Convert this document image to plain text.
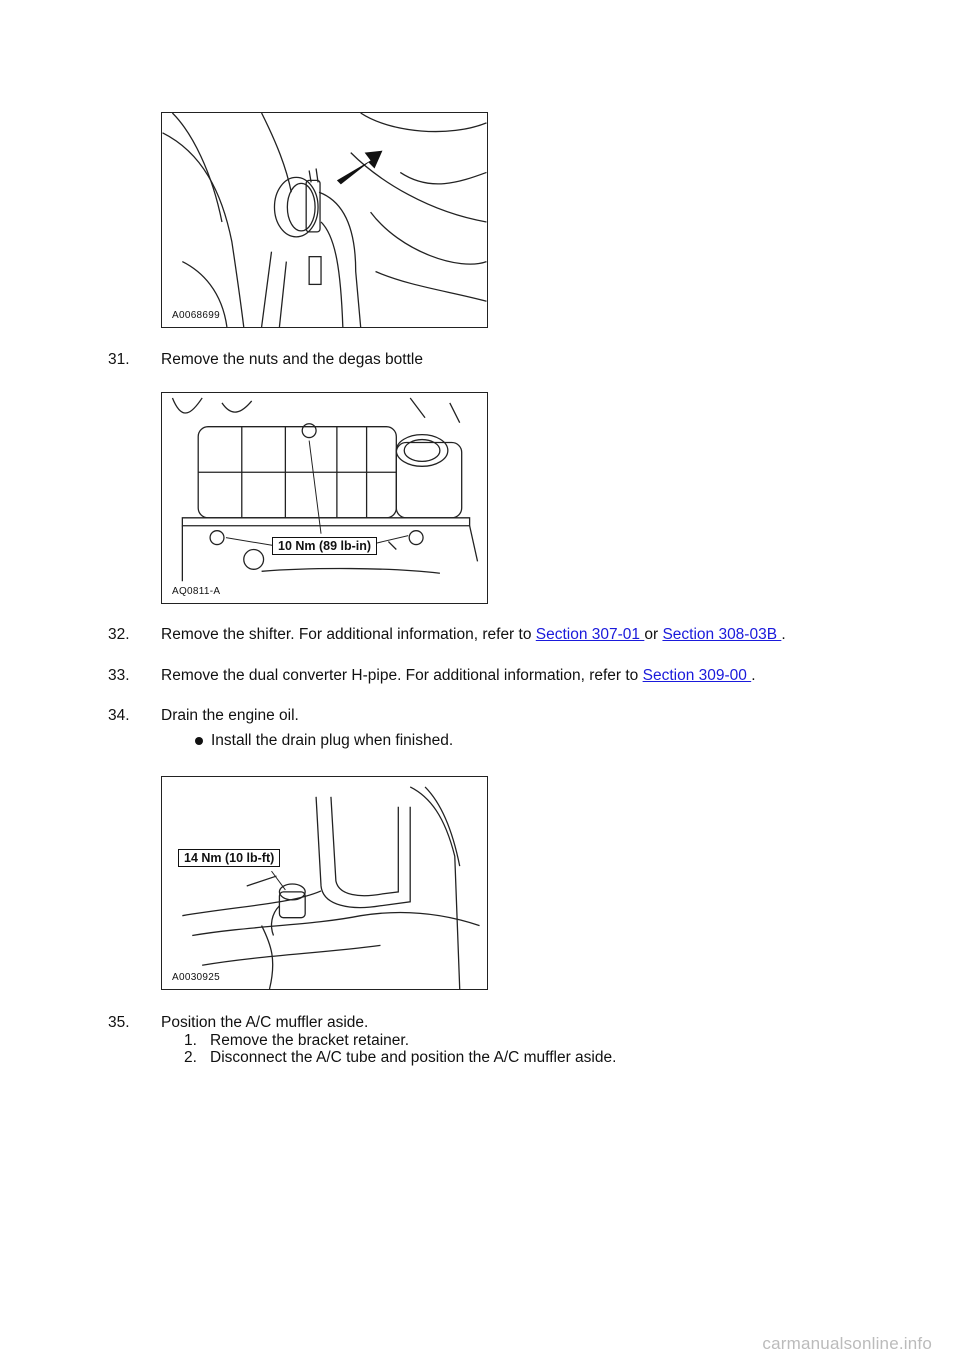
A0068699
31. Remove the nuts and the degas bottle
10 Nm (89 lb-in)
AQ0811-A
32. Remove the shifter. For additional information, refer to Section 307-01 or Section 308-03B .
33. Remove the dual converter H-pipe. For additional information, refer to Section 309-00 .
34. Drain the engine oil.
Install the drain plug when finished.
14 Nm (10 lb-ft)
A0030925
35. Position the A/C muffler aside.
1. Remove the bracket retainer.
2. Disconnect the A/C tube and position the A/C muffler aside.
carmanualsonline.info
